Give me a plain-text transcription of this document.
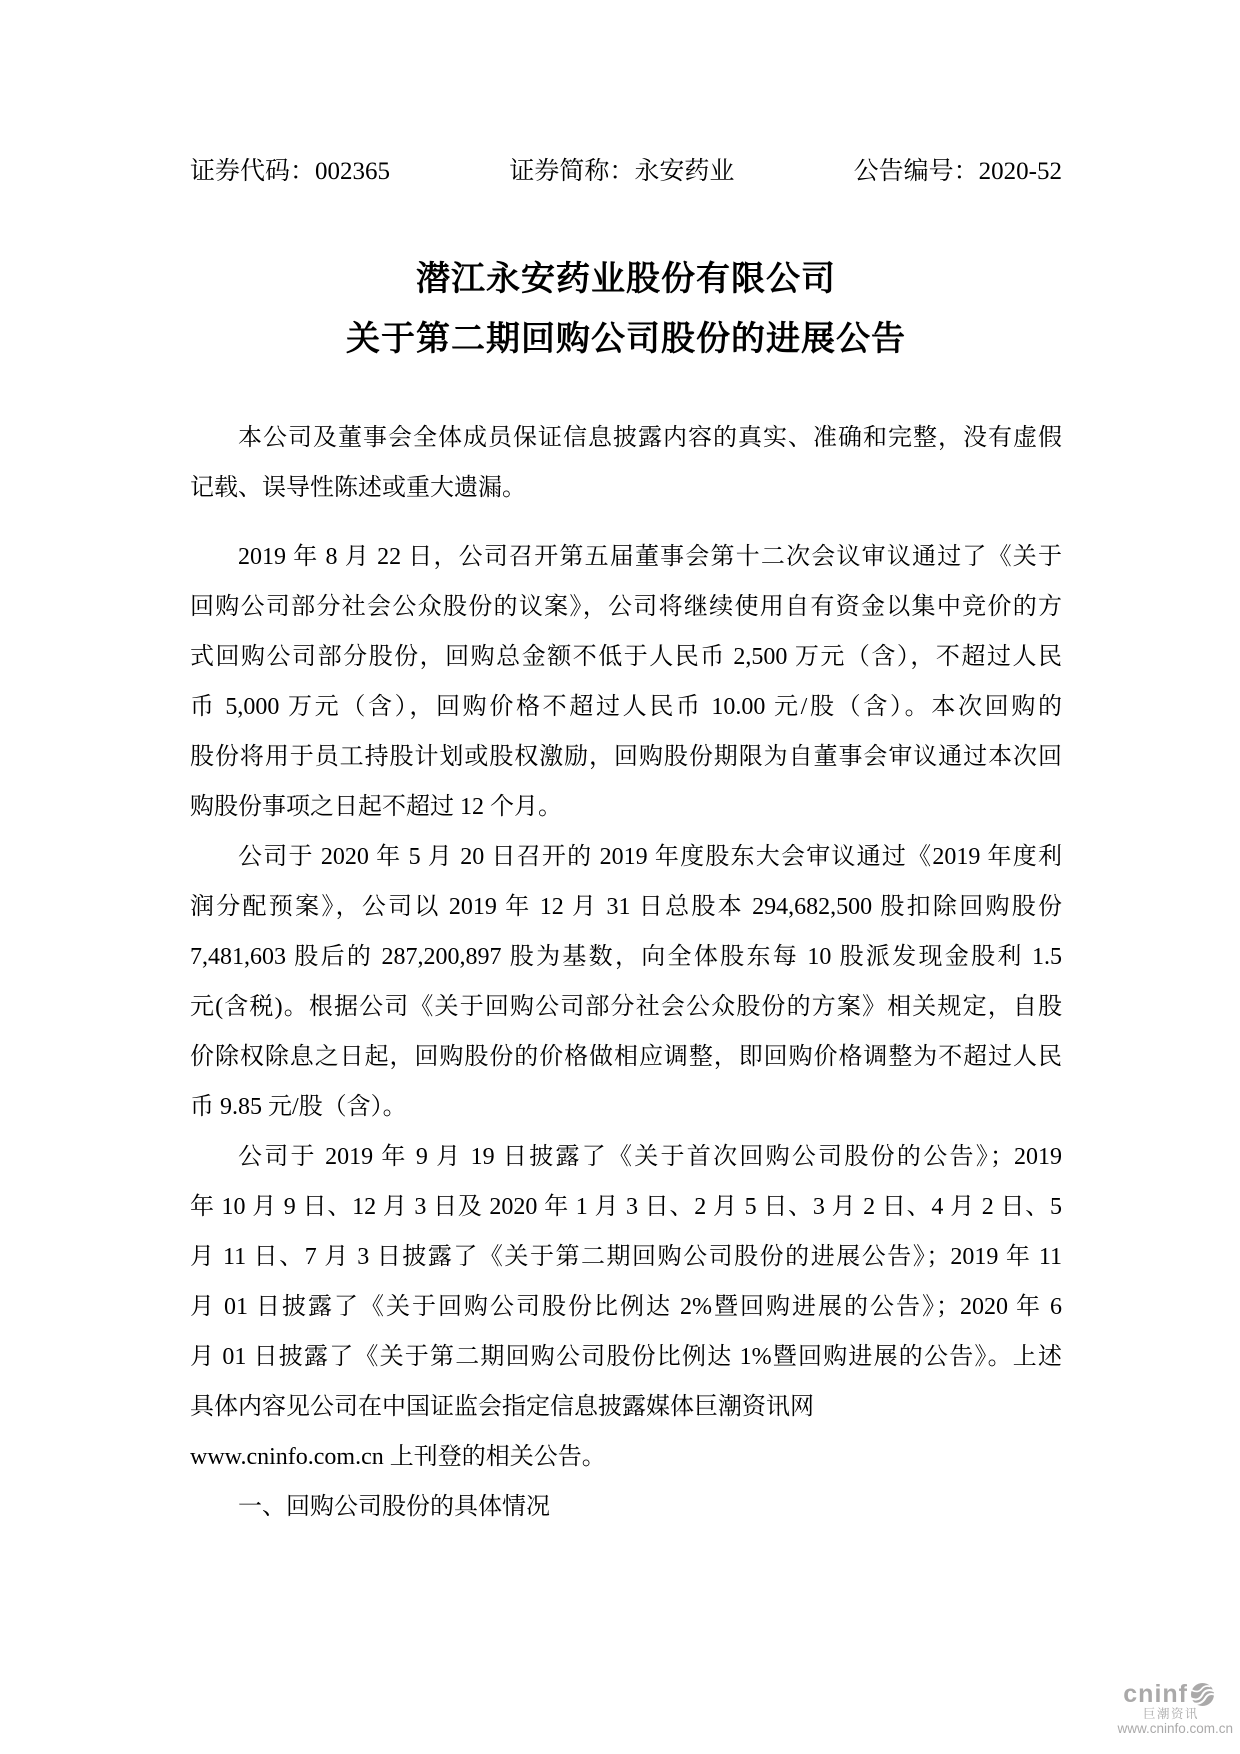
证券代码：002365	证券简称：永安药业	公告编号：2020-52
潜江永安药业股份有限公司
关于第二期回购公司股份的进展公告
本公司及董事会全体成员保证信息披露内容的真实、准确和完整，没有虚假
记载、误导性陈述或重大遗漏。
2019 年 8 月 22 日，公司召开第五届董事会第十二次会议审议通过了《关于
回购公司部分社会公众股份的议案》，公司将继续使用自有资金以集中竞价的方
式回购公司部分股份，回购总金额不低于人民币 2,500 万元（含），不超过人民
币 5,000 万元（含），回购价格不超过人民币 10.00 元/股（含）。本次回购的
股份将用于员工持股计划或股权激励，回购股份期限为自董事会审议通过本次回
购股份事项之日起不超过 12 个月。
公司于 2020 年 5 月 20 日召开的 2019 年度股东大会审议通过《2019 年度利
润分配预案》，公司以 2019 年 12 月 31 日总股本 294,682,500 股扣除回购股份
7,481,603 股后的 287,200,897 股为基数，向全体股东每 10 股派发现金股利 1.5
元(含税)。根据公司《关于回购公司部分社会公众股份的方案》相关规定，自股
价除权除息之日起，回购股份的价格做相应调整，即回购价格调整为不超过人民
币 9.85 元/股（含）。
公司于 2019 年 9 月 19 日披露了《关于首次回购公司股份的公告》；2019
年 10 月 9 日、12 月 3 日及 2020 年 1 月 3 日、2 月 5 日、3 月 2 日、4 月 2 日、5
月 11 日、7 月 3 日披露了《关于第二期回购公司股份的进展公告》；2019 年 11
月 01 日披露了《关于回购公司股份比例达 2%暨回购进展的公告》；2020 年 6
月 01 日披露了《关于第二期回购公司股份比例达 1%暨回购进展的公告》。上述
具体内容见公司在中国证监会指定信息披露媒体巨潮资讯网
www.cninfo.com.cn 上刊登的相关公告。
一、回购公司股份的具体情况
cninf
巨潮资讯
www.cninfo.com.cn
